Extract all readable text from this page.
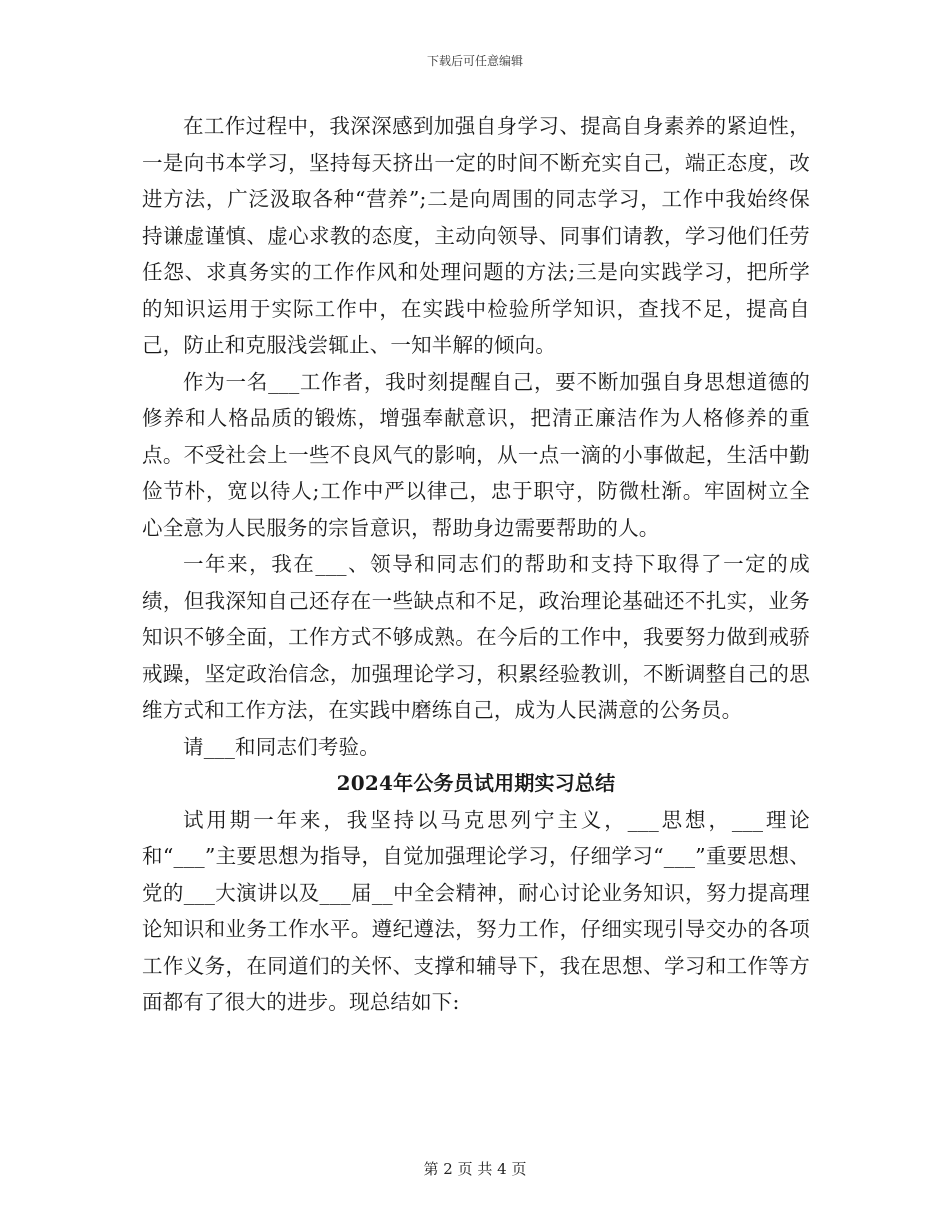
下载后可任意编辑

在工作过程中，我深深感到加强自身学习、提高自身素养的紧迫性，一是向书本学习，坚持每天挤出一定的时间不断充实自己，端正态度，改进方法，广泛汲取各种“营养”;二是向周围的同志学习，工作中我始终保持谦虚谨慎、虚心求教的态度，主动向领导、同事们请教，学习他们任劳任怨、求真务实的工作作风和处理问题的方法;三是向实践学习，把所学的知识运用于实际工作中，在实践中检验所学知识，查找不足，提高自己，防止和克服浅尝辄止、一知半解的倾向。

作为一名___工作者，我时刻提醒自己，要不断加强自身思想道德的修养和人格品质的锻炼，增强奉献意识，把清正廉洁作为人格修养的重点。不受社会上一些不良风气的影响，从一点一滴的小事做起，生活中勤俭节朴，宽以待人;工作中严以律己，忠于职守，防微杜渐。牢固树立全心全意为人民服务的宗旨意识，帮助身边需要帮助的人。

一年来，我在___、领导和同志们的帮助和支持下取得了一定的成绩，但我深知自己还存在一些缺点和不足，政治理论基础还不扎实，业务知识不够全面，工作方式不够成熟。在今后的工作中，我要努力做到戒骄戒躁，坚定政治信念，加强理论学习，积累经验教训，不断调整自己的思维方式和工作方法，在实践中磨练自己，成为人民满意的公务员。

请___和同志们考验。

2024年公务员试用期实习总结

试用期一年来，我坚持以马克思列宁主义，___思想，___理论和“___”主要思想为指导，自觉加强理论学习，仔细学习“___”重要思想、党的___大演讲以及___届__中全会精神，耐心讨论业务知识，努力提高理论知识和业务工作水平。遵纪遵法，努力工作，仔细实现引导交办的各项工作义务，在同道们的关怀、支撑和辅导下，我在思想、学习和工作等方面都有了很大的进步。现总结如下:

第 2 页 共 4 页
